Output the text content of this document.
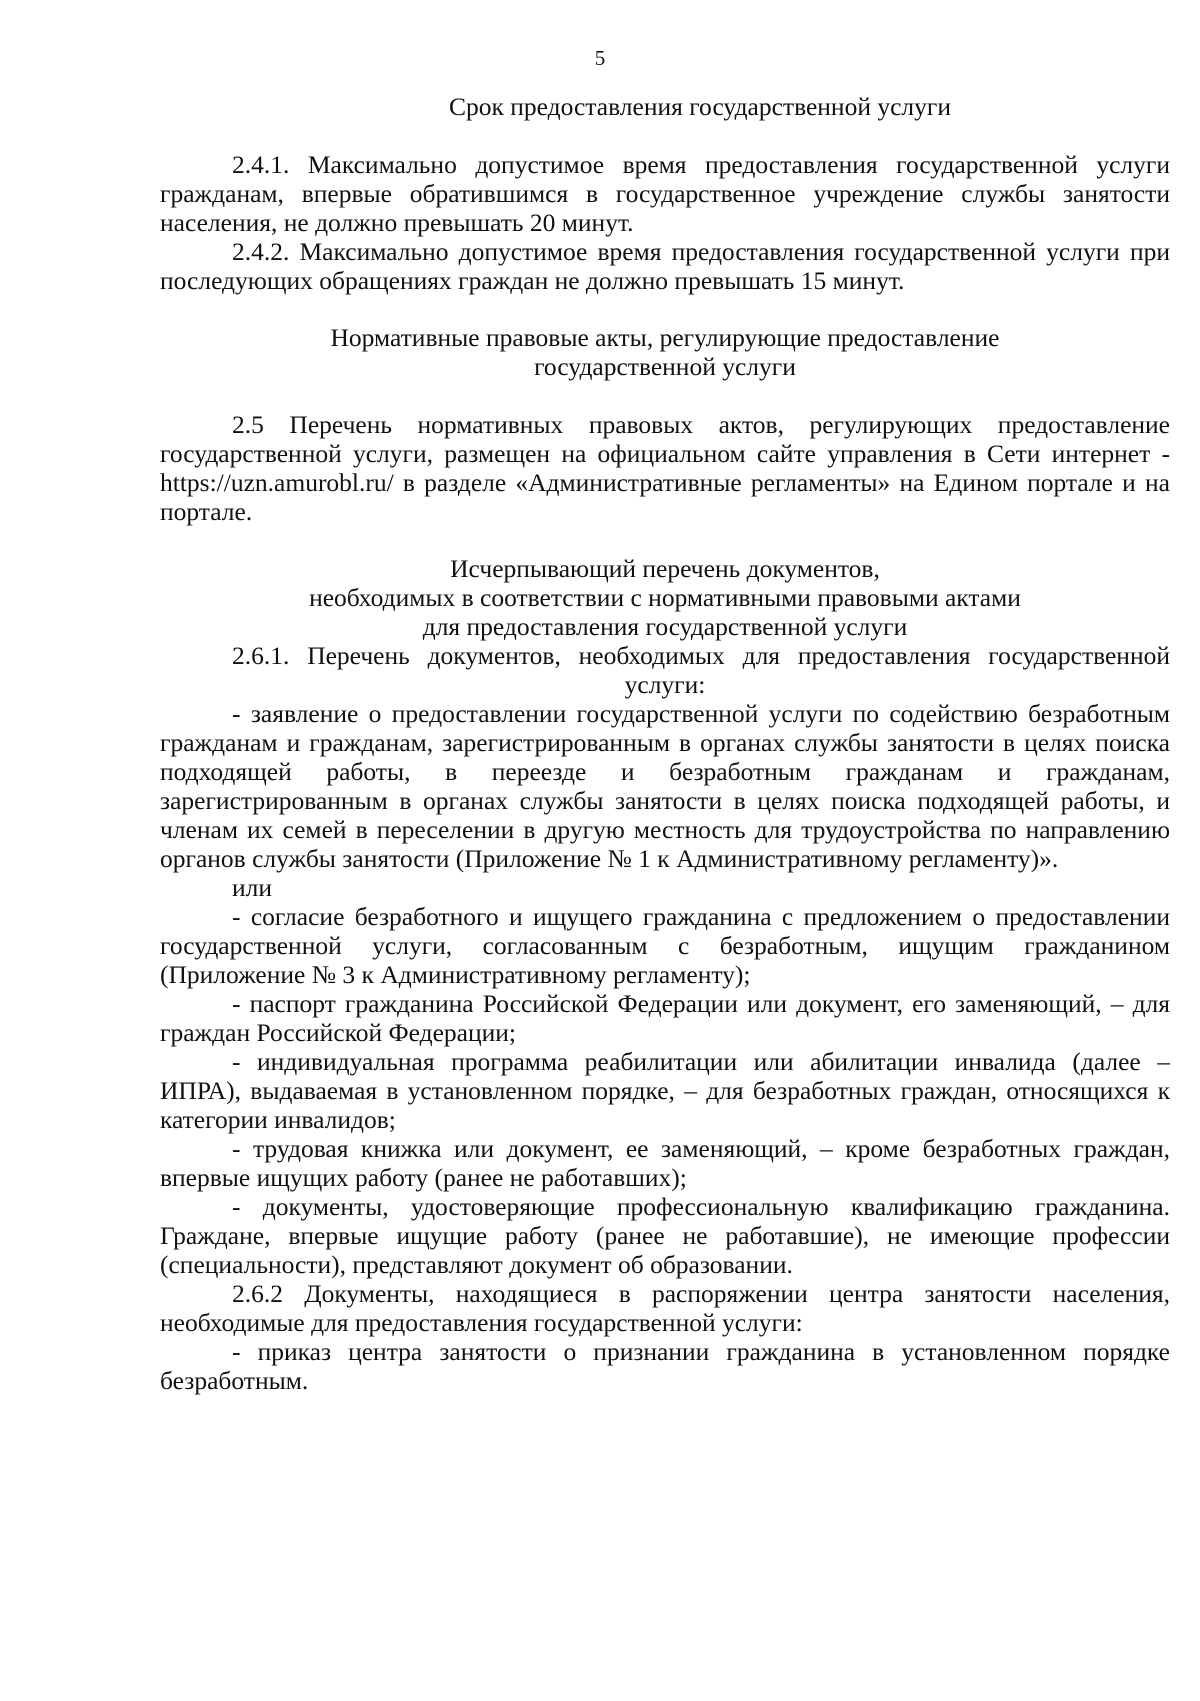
5

Срок предоставления государственной услуги

2.4.1. Максимально допустимое время предоставления государственной услуги гражданам, впервые обратившимся в государственное учреждение службы занятости населения, не должно превышать 20 минут.

2.4.2. Максимально допустимое время предоставления государственной услуги при последующих обращениях граждан не должно превышать 15 минут.

Нормативные правовые акты, регулирующие предоставление
государственной услуги

2.5 Перечень нормативных правовых актов, регулирующих предоставление государственной услуги, размещен на официальном сайте управления в Сети интернет - https://uzn.amurobl.ru/ в разделе «Административные регламенты» на Едином портале и на портале.

Исчерпывающий перечень документов,
необходимых в соответствии с нормативными правовыми актами
для предоставления государственной услуги

2.6.1. Перечень документов, необходимых для предоставления государственной услуги:

- заявление о предоставлении государственной услуги по содействию безработным гражданам и гражданам, зарегистрированным в органах службы занятости в целях поиска подходящей работы, в переезде и безработным гражданам и гражданам, зарегистрированным в органах службы занятости в целях поиска подходящей работы, и членам их семей в переселении в другую местность для трудоустройства по направлению органов службы занятости (Приложение № 1 к Административному регламенту)».

или

- согласие безработного и ищущего гражданина с предложением о предоставлении государственной услуги, согласованным с безработным, ищущим гражданином (Приложение № 3 к Административному регламенту);

- паспорт гражданина Российской Федерации или документ, его заменяющий, – для граждан Российской Федерации;

- индивидуальная программа реабилитации или абилитации инвалида (далее – ИПРА), выдаваемая в установленном порядке, – для безработных граждан, относящихся к категории инвалидов;

- трудовая книжка или документ, ее заменяющий, – кроме безработных граждан, впервые ищущих работу (ранее не работавших);

- документы, удостоверяющие профессиональную квалификацию гражданина. Граждане, впервые ищущие работу (ранее не работавшие), не имеющие профессии (специальности), представляют документ об образовании.

2.6.2 Документы, находящиеся в распоряжении центра занятости населения, необходимые для предоставления государственной услуги:

- приказ центра занятости о признании гражданина в установленном порядке безработным.
